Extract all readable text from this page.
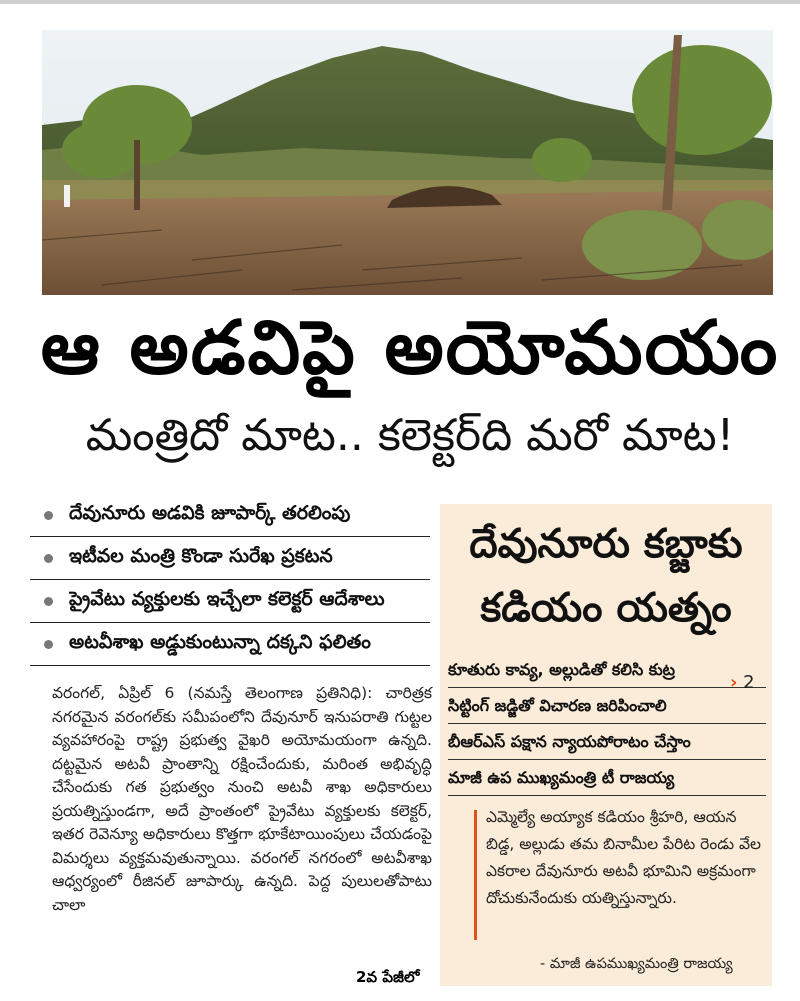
ఆ అడవిపై అయోమయం
మంత్రిదో మాట.. కలెక్టర్‌ది మరో మాట!
దేవునూరు అడవికి జూపార్క్‌ తరలింపు
ఇటీవల మంత్రి కొండా సురేఖ ప్రకటన
ప్రైవేటు వ్యక్తులకు ఇచ్చేలా కలెక్టర్‌ ఆదేశాలు
అటవీశాఖ అడ్డుకుంటున్నా దక్కని ఫలితం

వరంగల్‌, ఏప్రిల్‌ 6 (నమస్తే తెలంగాణ ప్రతినిధి): చారిత్రక నగరమైన వరంగల్‌కు సమీపంలోని దేవునూర్‌ ఇనుపరాతి గుట్టల వ్యవహారంపై రాష్ట్ర ప్రభుత్వ వైఖరి అయోమయంగా ఉన్నది. దట్టమైన అటవీ ప్రాంతాన్ని రక్షించేందుకు, మరింత అభివృద్ధి చేసేందుకు గత ప్రభుత్వం నుంచి అటవీ శాఖ అధికారులు ప్రయత్నిస్తుండగా, అదే ప్రాంతంలో ప్రైవేటు వ్యక్తులకు కలెక్టర్‌, ఇతర రెవెన్యూ అధికారులు కొత్తగా భూకేటాయింపులు చేయడంపై విమర్శలు వ్యక్తమవుతున్నాయి. వరంగల్‌ నగరంలో అటవీశాఖ ఆధ్వర్యంలో రీజినల్‌ జూపార్కు ఉన్నది. పెద్ద పులులతోపాటు చాలా

2వ పేజీలో
దేవునూరు కబ్జాకు
కడియం యత్నం
కూతురు కావ్య, అల్లుడితో కలిసి కుట్ర
సిట్టింగ్‌ జడ్జితో విచారణ జరిపించాలి
బీఆర్‌ఎస్‌ పక్షాన న్యాయపోరాటం చేస్తాం
మాజీ ఉప ముఖ్యమంత్రి టీ రాజయ్య
› 2
ఎమ్మెల్యే అయ్యాక కడియం శ్రీహరి, ఆయన బిడ్డ, అల్లుడు తమ బినామీల పేరిట రెండు వేల ఎకరాల దేవునూరు అటవీ భూమిని అక్రమంగా దోచుకునేందుకు యత్నిస్తున్నారు.
- మాజీ ఉపముఖ్యమంత్రి రాజయ్య
